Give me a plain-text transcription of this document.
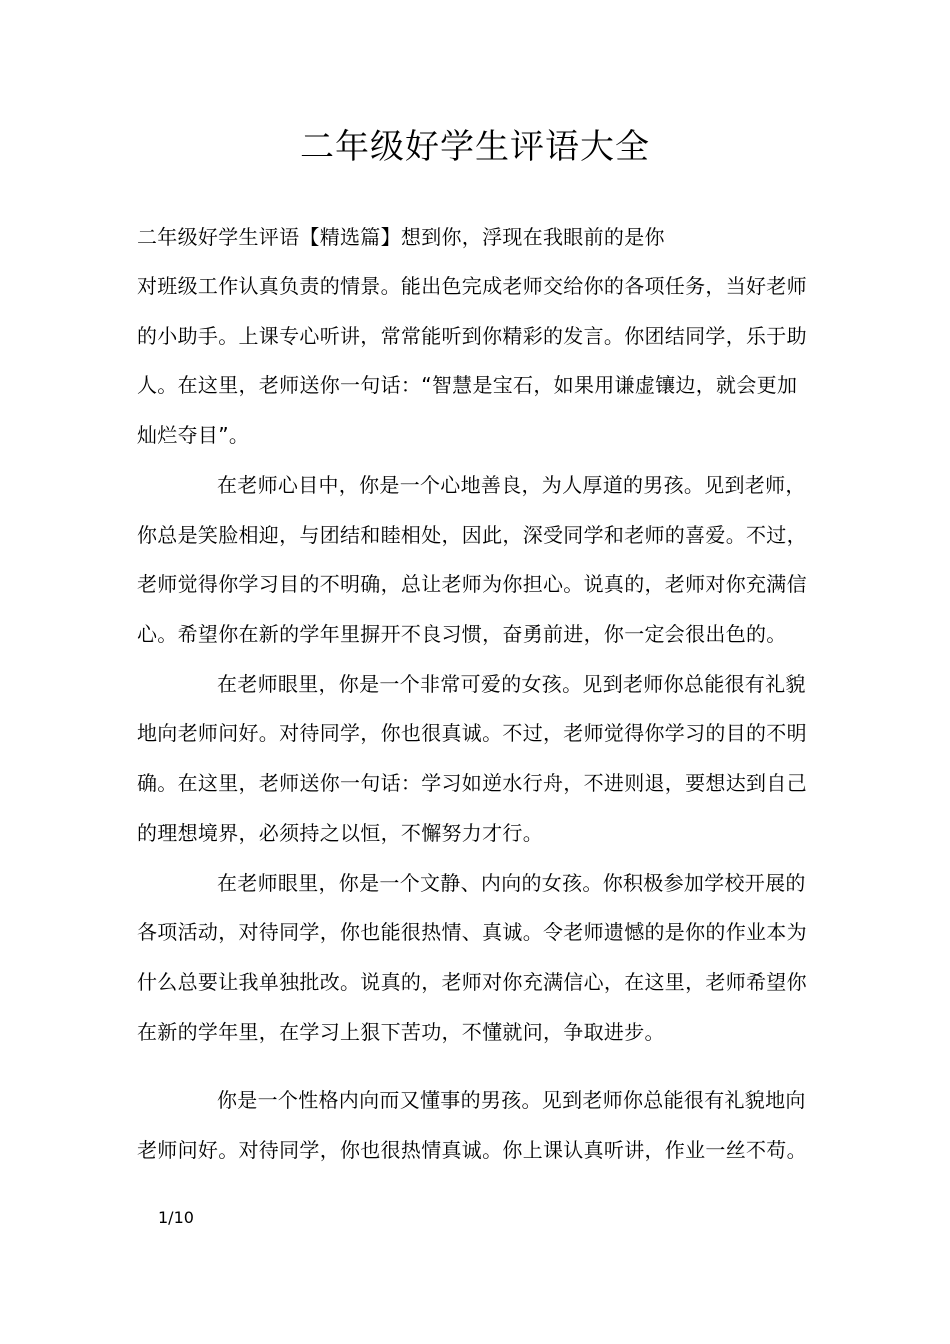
二年级好学生评语大全
二年级好学生评语【精选篇】想到你，浮现在我眼前的是你
对班级工作认真负责的情景。能出色完成老师交给你的各项任务，当好老师
的小助手。上课专心听讲，常常能听到你精彩的发言。你团结同学，乐于助
人。在这里，老师送你一句话：“智慧是宝石，如果用谦虚镶边，就会更加
灿烂夺目”。
在老师心目中，你是一个心地善良，为人厚道的男孩。见到老师，
你总是笑脸相迎，与团结和睦相处，因此，深受同学和老师的喜爱。不过，
老师觉得你学习目的不明确，总让老师为你担心。说真的，老师对你充满信
心。希望你在新的学年里摒开不良习惯，奋勇前进，你一定会很出色的。
在老师眼里，你是一个非常可爱的女孩。见到老师你总能很有礼貌
地向老师问好。对待同学，你也很真诚。不过，老师觉得你学习的目的不明
确。在这里，老师送你一句话：学习如逆水行舟，不进则退，要想达到自己
的理想境界，必须持之以恒，不懈努力才行。
在老师眼里，你是一个文静、内向的女孩。你积极参加学校开展的
各项活动，对待同学，你也能很热情、真诚。令老师遗憾的是你的作业本为
什么总要让我单独批改。说真的，老师对你充满信心，在这里，老师希望你
在新的学年里，在学习上狠下苦功，不懂就问，争取进步。
你是一个性格内向而又懂事的男孩。见到老师你总能很有礼貌地向
老师问好。对待同学，你也很热情真诚。你上课认真听讲，作业一丝不苟。
1/10
